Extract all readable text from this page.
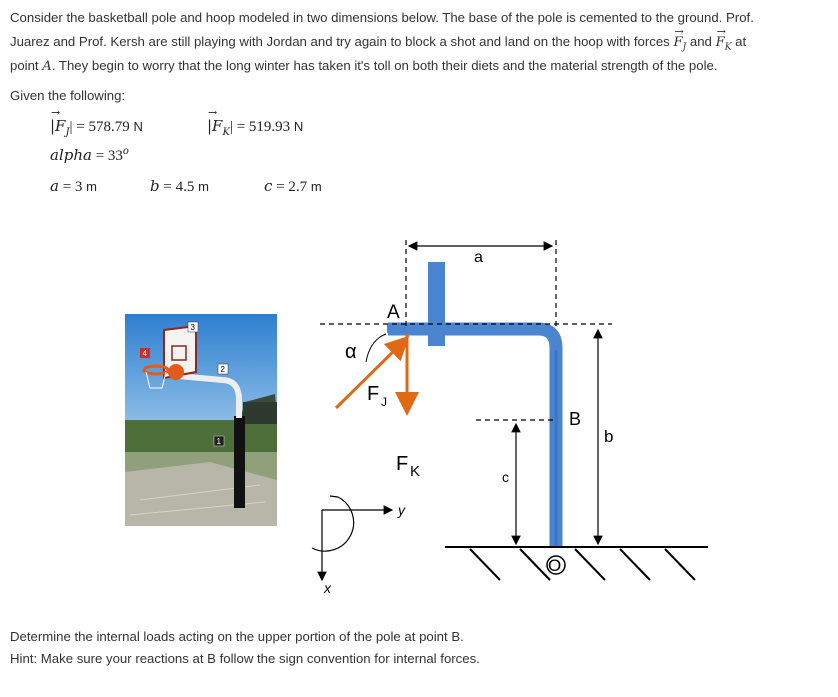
Consider the basketball pole and hoop modeled in two dimensions below. The base of the pole is cemented to the ground. Prof.

Juarez and Prof. Kersh are still playing with Jordan and try again to block a shot and land on the hoop with forces → $F_J$ and → $F_K$ at

point A. They begin to worry that the long winter has taken it's toll on both their diets and the material strength of the pole.

Given the following:
→ $|F_J| = 578.79$ N	→ $|F_K| = 519.93$ N
alpha = $33^o$
a = 3 m	b = 4.5 m	c = 2.7 m
3
4
2
1
A
α
F J
F K
a
b
c
B
O
y
x
Determine the internal loads acting on the upper portion of the pole at point B.
Hint: Make sure your reactions at B follow the sign convention for internal forces.
